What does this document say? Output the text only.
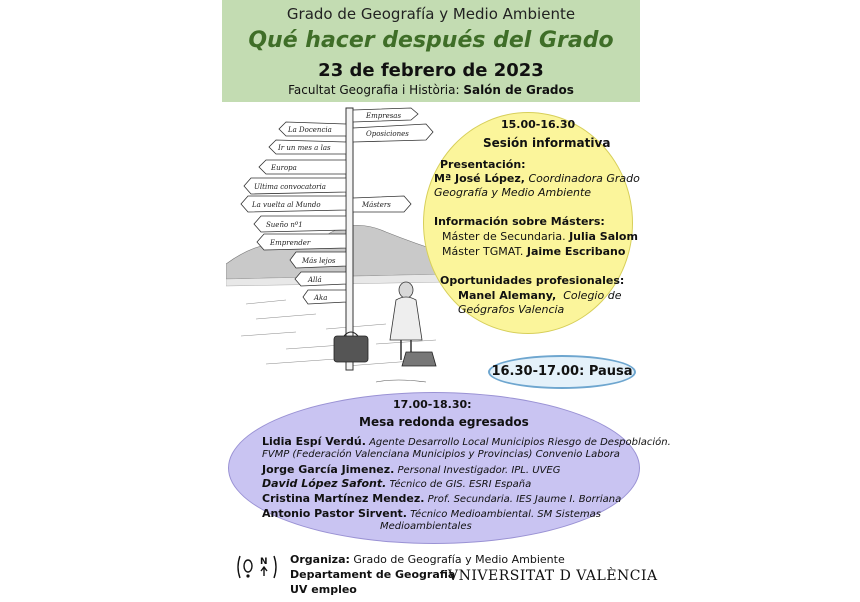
Grado de Geografía y Medio Ambiente
Qué hacer después del Grado
23 de febrero de 2023
Facultat Geografia i Història: Salón de Grados
Empresas
La Docencia	Oposiciones
Ir un mes a las
Europa
Ultima convocatoria
Másters
La vuelta al Mundo
Sueño nº1
Emprender
Más lejos
Allá
Aka
15.00-16.30
Sesión informativa
Presentación:
Mª José López, Coordinadora Grado
Geografía y Medio Ambiente
Información sobre Másters:
Máster de Secundaria. Julia Salom
Máster TGMAT. Jaime Escribano
Oportunidades profesionales:
Manel Alemany, Colegio de
Geógrafos Valencia
16.30-17.00: Pausa
17.00-18.30:
Mesa redonda egresados
Lidia Espí Verdú. Agente Desarrollo Local Municipios Riesgo de Despoblación.
FVMP (Federación Valenciana Municipios y Provincias) Convenio Labora
Jorge García Jimenez. Personal Investigador. IPL. UVEG
David López Safont. Técnico de GIS. ESRI España
Cristina Martínez Mendez. Prof. Secundaria. IES Jaume I. Borriana
Antonio Pastor Sirvent. Técnico Medioambiental. SM Sistemas
Medioambientales
N Organiza: Grado de Geografía y Medio Ambiente
Departament de Geografia
UV empleo
VNIVERSITAT D VALÈNCIA
